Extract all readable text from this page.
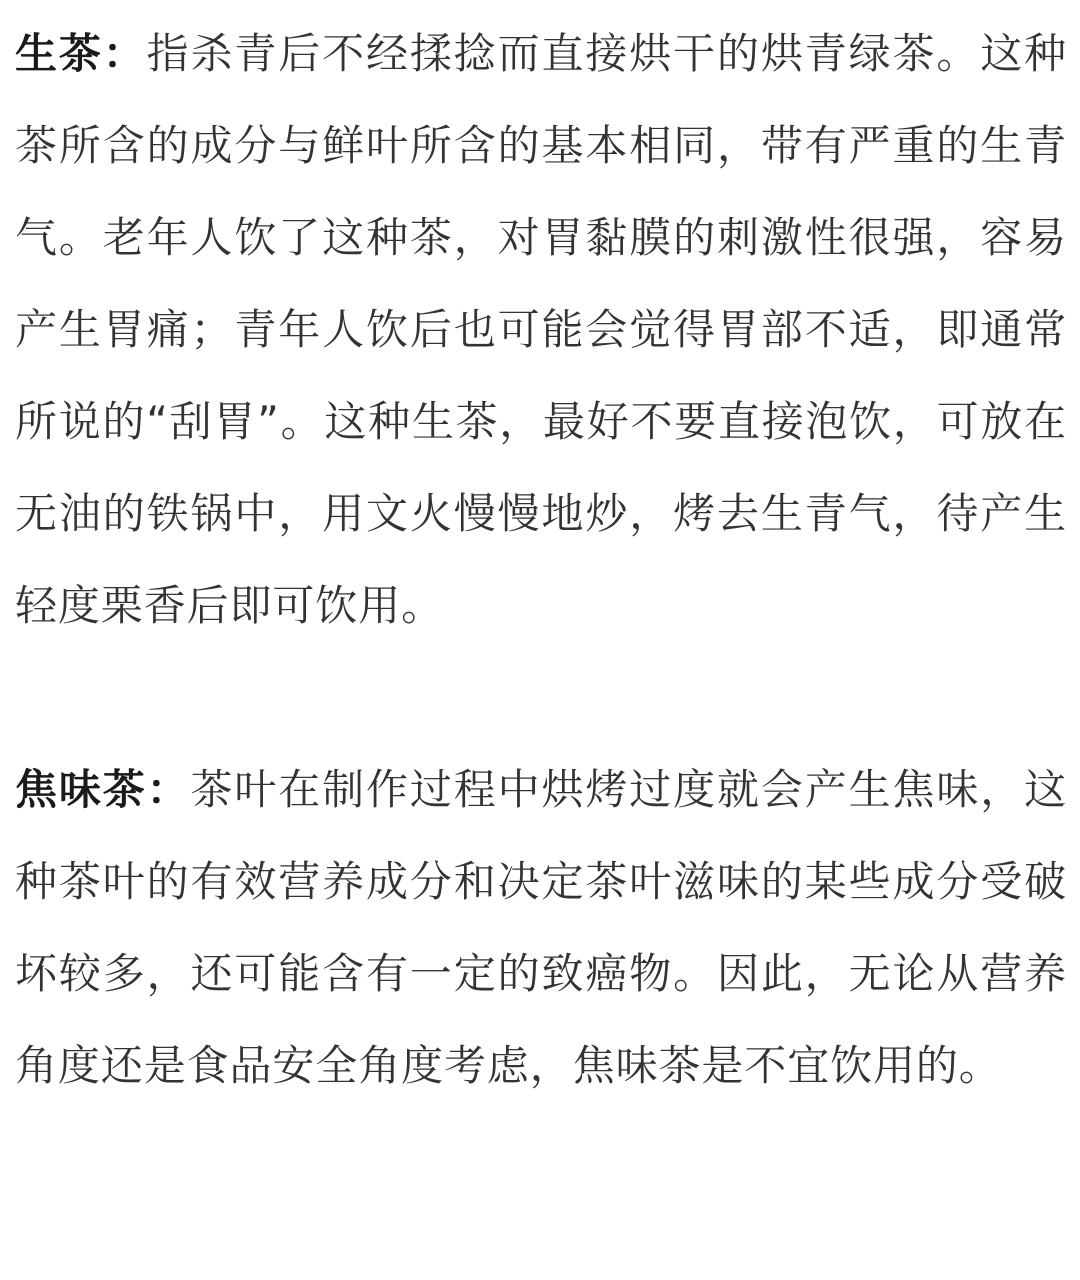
生茶：指杀青后不经揉捻而直接烘干的烘青绿茶。这种茶所含的成分与鲜叶所含的基本相同，带有严重的生青气。老年人饮了这种茶，对胃黏膜的刺激性很强，容易产生胃痛；青年人饮后也可能会觉得胃部不适，即通常所说的“刮胃”。这种生茶，最好不要直接泡饮，可放在无油的铁锅中，用文火慢慢地炒，烤去生青气，待产生轻度栗香后即可饮用。

焦味茶：茶叶在制作过程中烘烤过度就会产生焦味，这种茶叶的有效营养成分和决定茶叶滋味的某些成分受破坏较多，还可能含有一定的致癌物。因此，无论从营养角度还是食品安全角度考虑，焦味茶是不宜饮用的。
